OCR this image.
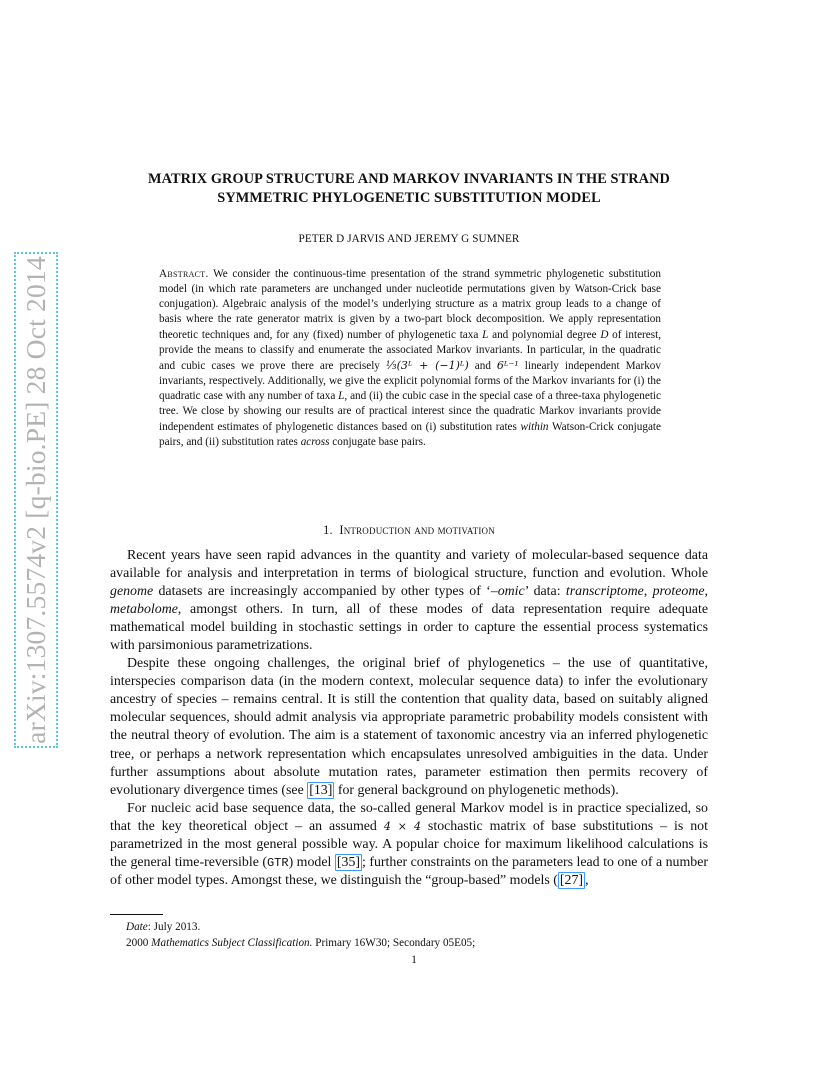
arXiv:1307.5574v2 [q-bio.PE] 28 Oct 2014
MATRIX GROUP STRUCTURE AND MARKOV INVARIANTS IN THE STRAND
SYMMETRIC PHYLOGENETIC SUBSTITUTION MODEL
PETER D JARVIS AND JEREMY G SUMNER
Abstract. We consider the continuous-time presentation of the strand symmetric phylogenetic substitution model (in which rate parameters are unchanged under nucleotide permutations given by Watson-Crick base conjugation). Algebraic analysis of the model’s underlying structure as a matrix group leads to a change of basis where the rate generator matrix is given by a two-part block decomposition. We apply representation theoretic techniques and, for any (fixed) number of phylogenetic taxa L and polynomial degree D of interest, provide the means to classify and enumerate the associated Markov invariants. In particular, in the quadratic and cubic cases we prove there are precisely ⅓(3ᴸ + (−1)ᴸ) and 6ᴸ⁻¹ linearly independent Markov invariants, respectively. Additionally, we give the explicit polynomial forms of the Markov invariants for (i) the quadratic case with any number of taxa L, and (ii) the cubic case in the special case of a three-taxa phylogenetic tree. We close by showing our results are of practical interest since the quadratic Markov invariants provide independent estimates of phylogenetic distances based on (i) substitution rates within Watson-Crick conjugate pairs, and (ii) substitution rates across conjugate base pairs.
1. Introduction and motivation

Recent years have seen rapid advances in the quantity and variety of molecular-based sequence data available for analysis and interpretation in terms of biological structure, function and evolution. Whole genome datasets are increasingly accompanied by other types of ‘–omic’ data: transcriptome, proteome, metabolome, amongst others. In turn, all of these modes of data representation require adequate mathematical model building in stochastic settings in order to capture the essential process systematics with parsimonious parametrizations.

Despite these ongoing challenges, the original brief of phylogenetics – the use of quantitative, interspecies comparison data (in the modern context, molecular sequence data) to infer the evolutionary ancestry of species – remains central. It is still the contention that quality data, based on suitably aligned molecular sequences, should admit analysis via appropriate parametric probability models consistent with the neutral theory of evolution. The aim is a statement of taxonomic ancestry via an inferred phylogenetic tree, or perhaps a network representation which encapsulates unresolved ambiguities in the data. Under further assumptions about absolute mutation rates, parameter estimation then permits recovery of evolutionary divergence times (see [13] for general background on phylogenetic methods).

For nucleic acid base sequence data, the so-called general Markov model is in practice specialized, so that the key theoretical object – an assumed 4 × 4 stochastic matrix of base substitutions – is not parametrized in the most general possible way. A popular choice for maximum likelihood calculations is the general time-reversible (GTR) model [35] ; further constraints on the parameters lead to one of a number of other model types. Amongst these, we distinguish the “group-based” models ( [27] ,

Date: July 2013.
2000 Mathematics Subject Classification. Primary 16W30; Secondary 05E05;
1
